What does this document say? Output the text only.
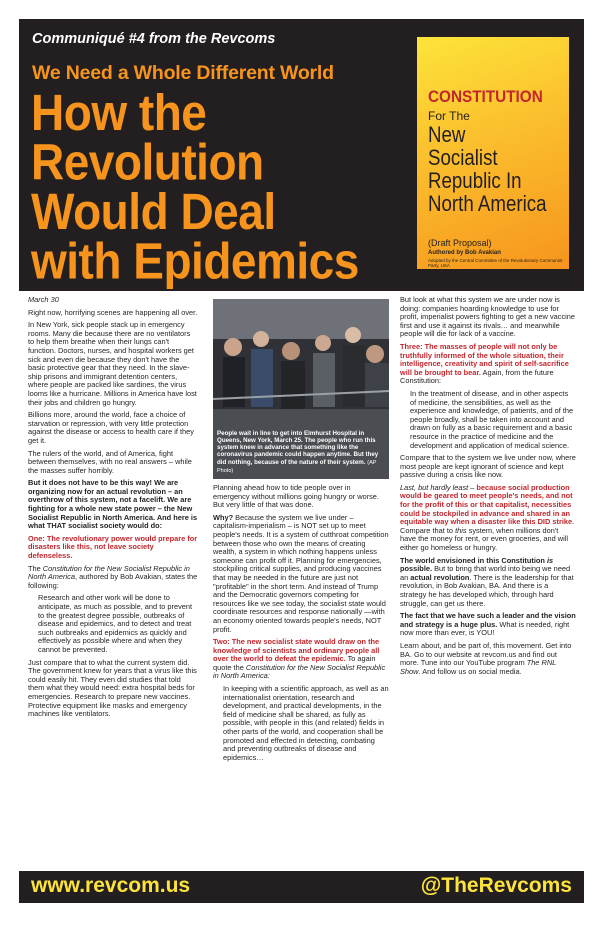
Communiqué #4 from the Revcoms
We Need a Whole Different World
How the
Revolution
Would Deal
with Epidemics
CONSTITUTION
For The
New
Socialist
Republic In
North America
(Draft Proposal)
Authored by Bob Avakian
Adopted by the Central Committee of the Revolutionary Communist Party, USA

March 30

Right now, horrifying scenes are happening all over.

In New York, sick people stack up in emergency rooms. Many die because there are no ventilators to help them breathe when their lungs can't function. Doctors, nurses, and hospital workers get sick and even die because they don't have the basic protective gear that they need. In the slave-ship prisons and immigrant detention centers, where people are packed like sardines, the virus looms like a hurricane. Millions in America have lost their jobs and children go hungry.

Billions more, around the world, face a choice of starvation or repression, with very little protection against the disease or access to health care if they get it.

The rulers of the world, and of America, fight between themselves, with no real answers – while the masses suffer horribly.

But it does not have to be this way! We are organizing now for an actual revolution – an overthrow of this system, not a facelift. We are fighting for a whole new state power – the New Socialist Republic in North America. And here is what THAT socialist society would do:

One: The revolutionary power would prepare for disasters like this, not leave society defenseless.

The Constitution for the New Socialist Republic in North America, authored by Bob Avakian, states the following:

Research and other work will be done to anticipate, as much as possible, and to prevent to the greatest degree possible, outbreaks of disease and epidemics, and to detect and treat such outbreaks and epidemics as quickly and effectively as possible where and when they cannot be prevented.

Just compare that to what the current system did. The government knew for years that a virus like this could easily hit. They even did studies that told them what they would need: extra hospital beds for emergencies. Research to prepare new vaccines. Protective equipment like masks and emergency machines like ventilators.

People wait in line to get into Elmhurst Hospital in Queens, New York, March 25. The people who run this system knew in advance that something like the coronavirus pandemic could happen anytime. But they did nothing, because of the nature of their system. (AP Photo)

Planning ahead how to tide people over in emergency without millions going hungry or worse. But very little of that was done.

Why? Because the system we live under – capitalism-imperialism – is NOT set up to meet people's needs. It is a system of cutthroat competition between those who own the means of creating wealth, a system in which nothing happens unless someone can profit off it. Planning for emergencies, stockpiling critical supplies, and producing vaccines that may be needed in the future are just not "profitable" in the short term. And instead of Trump and the Democratic governors competing for resources like we see today, the socialist state would coordinate resources and response nationally —with an economy oriented towards people's needs, NOT profit.

Two: The new socialist state would draw on the knowledge of scientists and ordinary people all over the world to defeat the epidemic. To again quote the Constitution for the New Socialist Republic in North America:

In keeping with a scientific approach, as well as an internationalist orientation, research and development, and practical developments, in the field of medicine shall be shared, as fully as possible, with people in this (and related) fields in other parts of the world, and cooperation shall be promoted and effected in detecting, combating and preventing outbreaks of disease and epidemics…

But look at what this system we are under now is doing: companies hoarding knowledge to use for profit, imperialist powers fighting to get a new vaccine first and use it against its rivals… and meanwhile people will die for lack of a vaccine.

Three: The masses of people will not only be truthfully informed of the whole situation, their intelligence, creativity and spirit of self-sacrifice will be brought to bear. Again, from the future Constitution:

In the treatment of disease, and in other aspects of medicine, the sensibilities, as well as the experience and knowledge, of patients, and of the people broadly, shall be taken into account and drawn on fully as a basic requirement and a basic resource in the practice of medicine and the development and application of medical science.

Compare that to the system we live under now, where most people are kept ignorant of science and kept passive during a crisis like now.

Last, but hardly least – because social production would be geared to meet people's needs, and not for the profit of this or that capitalist, necessities could be stockpiled in advance and shared in an equitable way when a disaster like this DID strike. Compare that to this system, when millions don't have the money for rent, or even groceries, and will either go homeless or hungry.

The world envisioned in this Constitution is possible. But to bring that world into being we need an actual revolution. There is the leadership for that revolution, in Bob Avakian, BA. And there is a strategy he has developed which, through hard struggle, can get us there.

The fact that we have such a leader and the vision and strategy is a huge plus. What is needed, right now more than ever, is YOU!

Learn about, and be part of, this movement. Get into BA. Go to our website at revcom.us and find out more. Tune into our YouTube program The RNL Show. And follow us on social media.

www.revcom.us	@TheRevcoms
